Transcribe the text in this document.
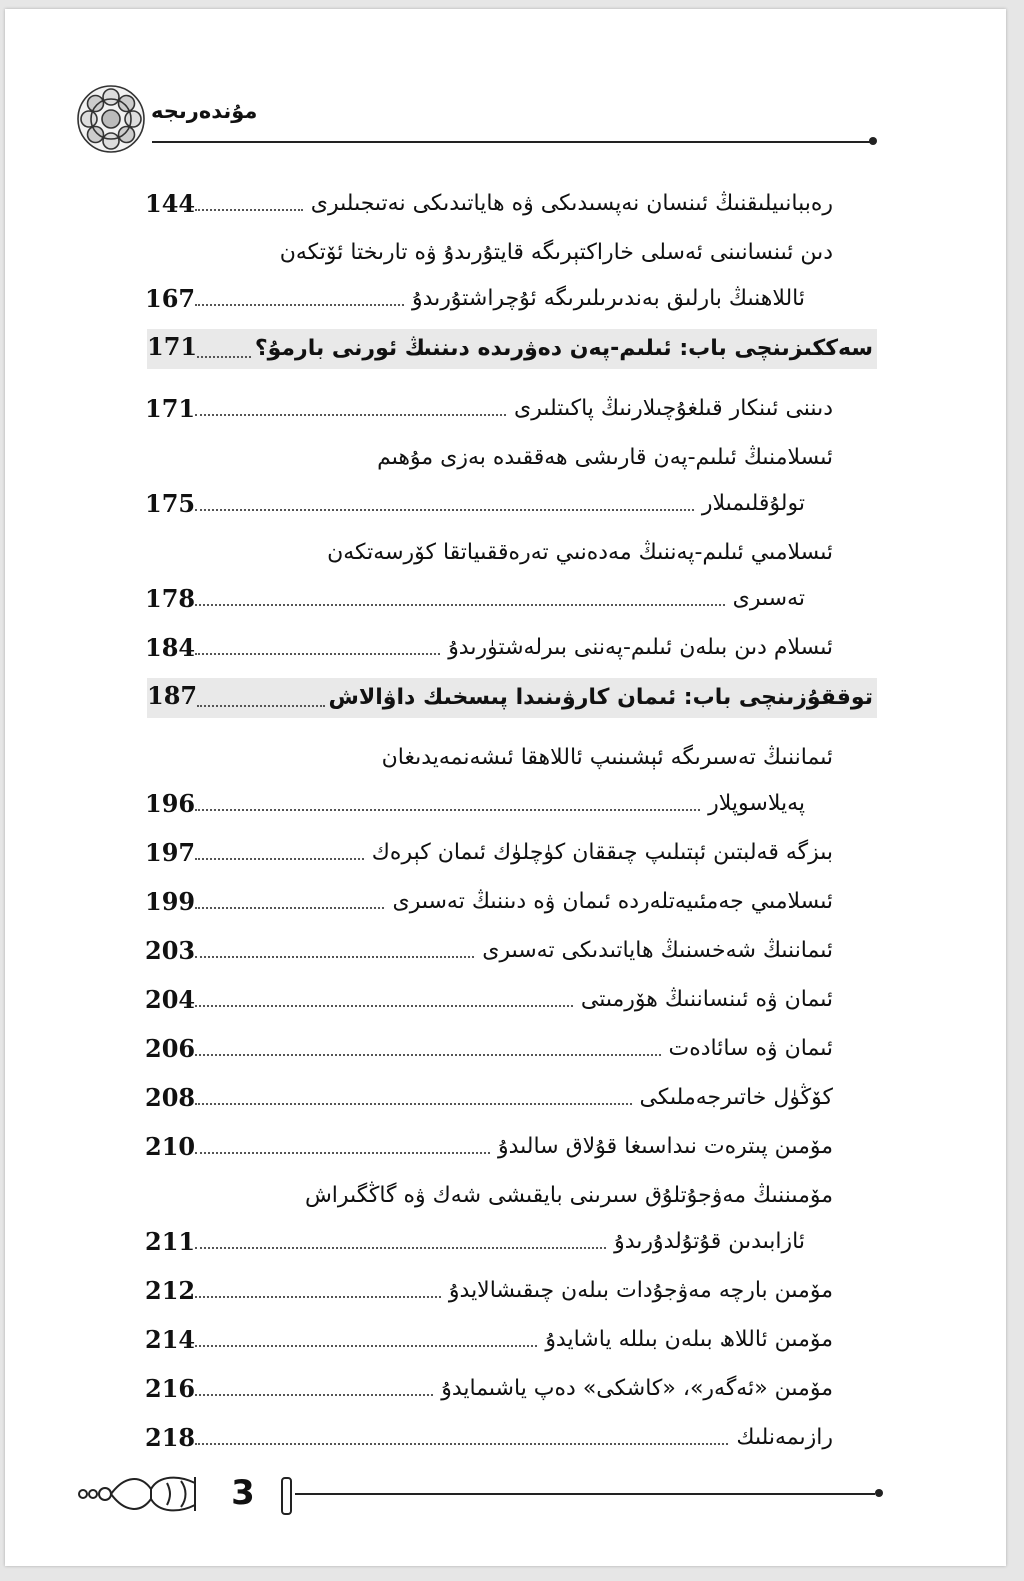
مۇندەرىجە
144	رەببانىيلىقنىڭ ئىنسان نەپسىدىكى ۋە ھاياتىدىكى نەتىجىلىرى
دىن ئىنسانىنى ئەسلى خاراكتېرىگە قايتۇرىدۇ ۋە تارىختا ئۆتكەن
167	ئاللاھنىڭ بارلىق بەندىرىلىرىگە ئۇچراشتۇرىدۇ
171	سەككىزىنچى باب: ئىلىم-پەن دەۋرىدە دىننىڭ ئورنى بارمۇ؟
171	دىننى ئىنكار قىلغۇچىلارنىڭ پاكىتلىرى
ئىسلامنىڭ ئىلىم-پەن قارىشى ھەققىدە بەزى مۇھىم
175	تولۇقلىمىلار
ئىسلامىي ئىلىم-پەننىڭ مەدەنىي تەرەققىياتقا كۆرسەتكەن
178	تەسىرى
184	ئىسلام دىن بىلەن ئىلىم-پەننى بىرلەشتۈرىدۇ
187	توققۇزىنچى باب: ئىمان كارۋىنىدا پىسخىك داۋالاش
ئىماننىڭ تەسىرىگە ئېشىنىپ ئاللاھقا ئىشەنمەيدىغان
196	پەيلاسوپلار
197	بىزگە قەلبتىن ئېتىلىپ چىققان كۈچلۈك ئىمان كېرەك
199	ئىسلامىي جەمئىيەتلەردە ئىمان ۋە دىننىڭ تەسىرى
203	ئىماننىڭ شەخسنىڭ ھاياتىدىكى تەسىرى
204	ئىمان ۋە ئىنساننىڭ ھۆرمىتى
206	ئىمان ۋە سائادەت
208	كۆڭۈل خاتىرجەملىكى
210	مۆمىن پىترەت نىداسىغا قۇلاق سالىدۇ
مۆمىننىڭ مەۋجۇتلۇق سىرىنى بايقىشى شەك ۋە گاڭگىراش
211	ئازابىدىن قۇتۇلدۇرىدۇ
212	مۆمىن بارچە مەۋجۇدات بىلەن چىقىشالايدۇ
214	مۆمىن ئاللاھ بىلەن بىللە ياشايدۇ
216	مۆمىن «ئەگەر»، «كاشكى» دەپ ياشىمايدۇ
218	رازىمەنلىك
3
